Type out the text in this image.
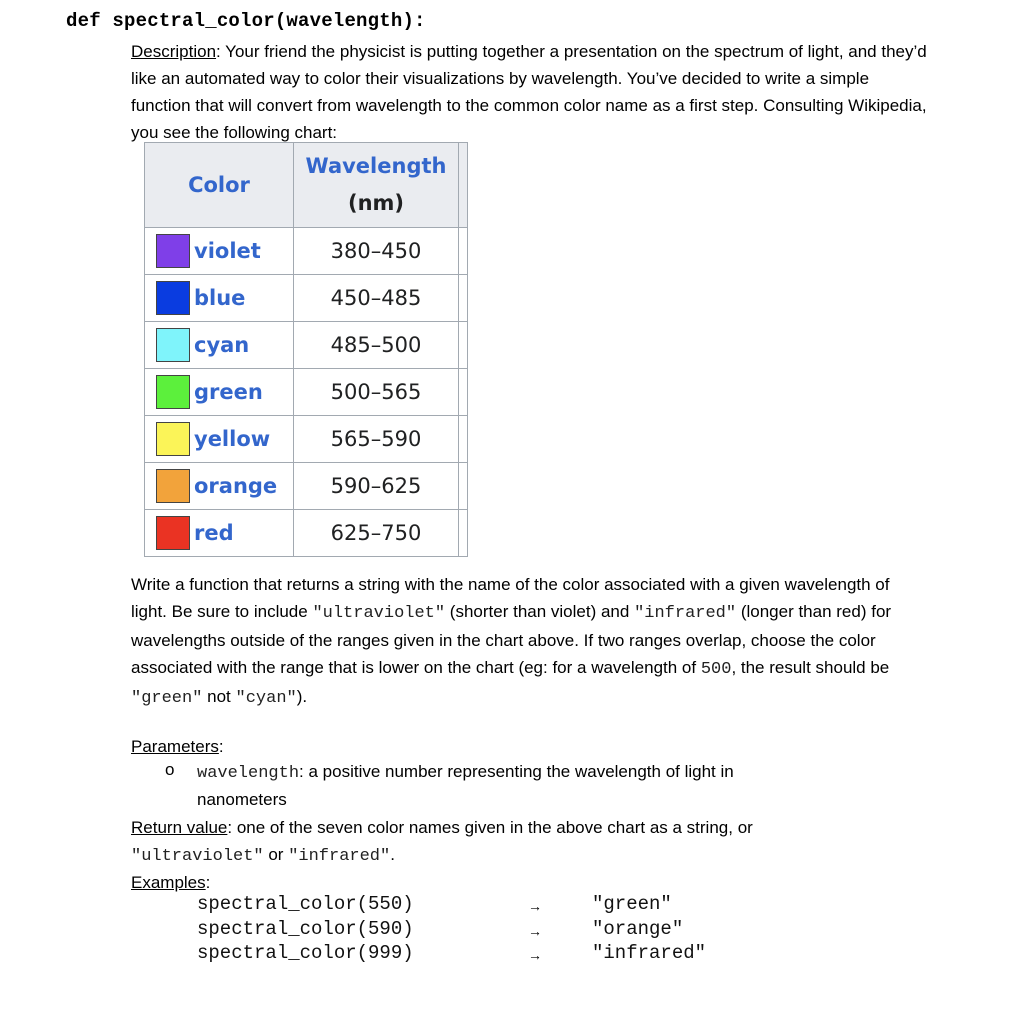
def spectral_color(wavelength):
Description: Your friend the physicist is putting together a presentation on the spectrum of light, and they’d like an automated way to color their visualizations by wavelength. You’ve decided to write a simple function that will convert from wavelength to the common color name as a first step. Consulting Wikipedia, you see the following chart:
Color	Wavelength
(nm)	

violet	380–450	
blue	450–485	
cyan	485–500	
green	500–565	
yellow	565–590	
orange	590–625	
red	625–750	
Write a function that returns a string with the name of the color associated with a given wavelength of light. Be sure to include "ultraviolet" (shorter than violet) and "infrared" (longer than red) for wavelengths outside of the ranges given in the chart above. If two ranges overlap, choose the color associated with the range that is lower on the chart (eg: for a wavelength of 500, the result should be "green" not "cyan").
Parameters:
o wavelength: a positive number representing the wavelength of light in
nanometers
Return value: one of the seven color names given in the above chart as a string, or
"ultraviolet" or "infrared".
Examples:
spectral_color(550)	→	"green"
spectral_color(590)	→	"orange"
spectral_color(999)	→	"infrared"
